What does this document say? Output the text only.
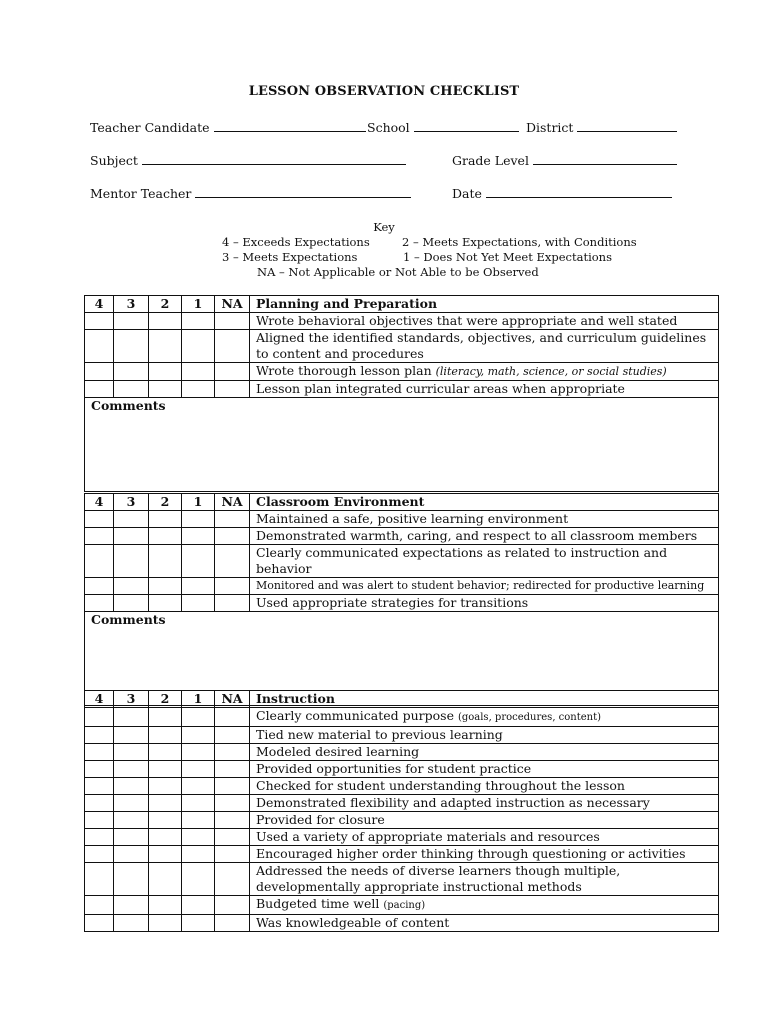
LESSON OBSERVATION CHECKLIST
Teacher Candidate	School	District
Subject	Grade Level
Mentor Teacher	Date
Key
4 – Exceeds Expectations	2 – Meets Expectations, with Conditions
3 – Meets Expectations	1 – Does Not Yet Meet Expectations
NA – Not Applicable or Not Able to be Observed
4	3	2	1	NA	Planning and Preparation
					Wrote behavioral objectives that were appropriate and well stated
					Aligned the identified standards, objectives, and curriculum guidelines to content and procedures
					Wrote thorough lesson plan (literacy, math, science, or social studies)
					Lesson plan integrated curricular areas when appropriate
Comments					
4	3	2	1	NA	Classroom Environment
					Maintained a safe, positive learning environment
					Demonstrated warmth, caring, and respect to all classroom members
					Clearly communicated expectations as related to instruction and behavior
					Monitored and was alert to student behavior; redirected for productive learning
					Used appropriate strategies for transitions
Comments					
4	3	2	1	NA	Instruction
					Clearly communicated purpose (goals, procedures, content)
					Tied new material to previous learning
					Modeled desired learning
					Provided opportunities for student practice
					Checked for student understanding throughout the lesson
					Demonstrated flexibility and adapted instruction as necessary
					Provided for closure
					Used a variety of appropriate materials and resources
					Encouraged higher order thinking through questioning or activities
					Addressed the needs of diverse learners though multiple, developmentally appropriate instructional methods
					Budgeted time well (pacing)
					Was knowledgeable of content
